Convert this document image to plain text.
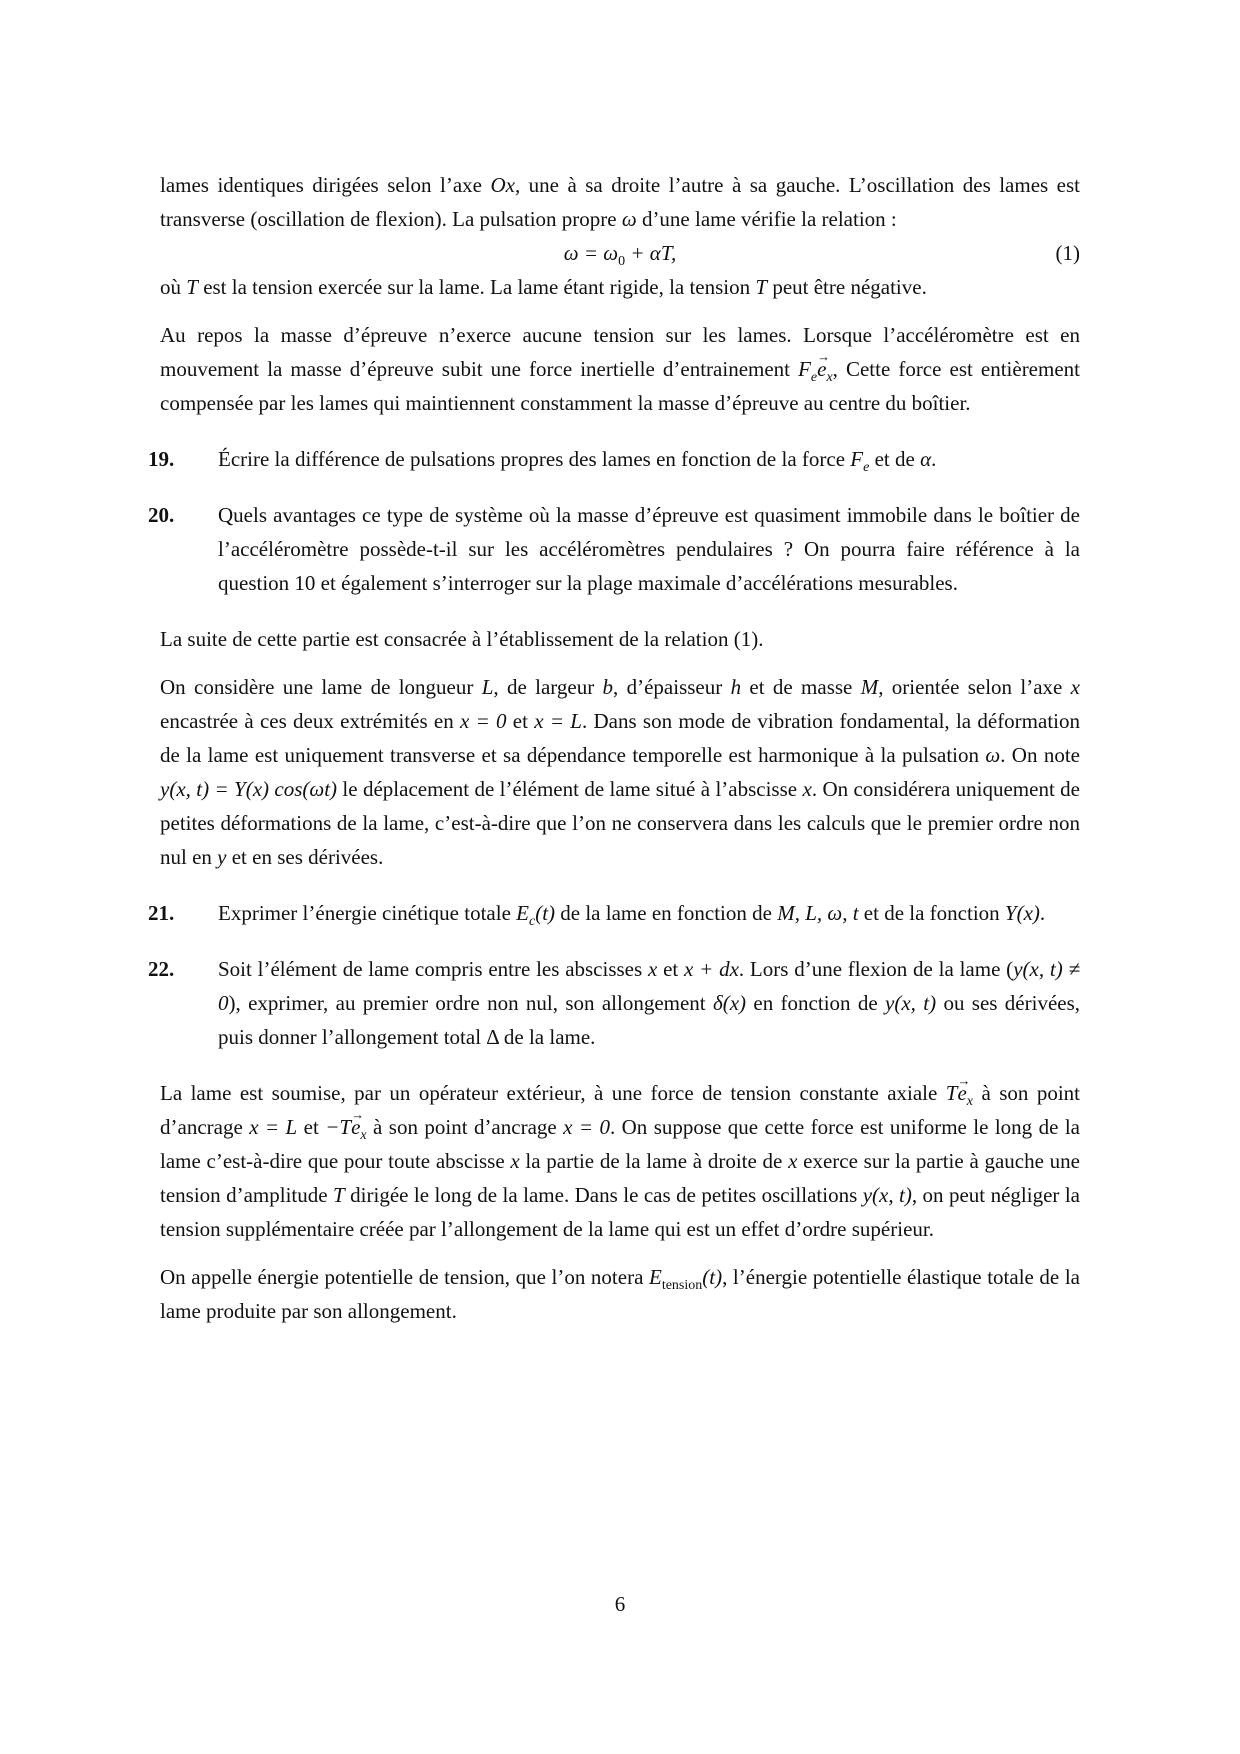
lames identiques dirigées selon l’axe Ox, une à sa droite l’autre à sa gauche. L’oscillation des lames est transverse (oscillation de flexion). La pulsation propre ω d’une lame vérifie la relation :

$\omega = \omega_0 + \alpha T$,	(1)

où T est la tension exercée sur la lame. La lame étant rigide, la tension T peut être négative.

Au repos la masse d’épreuve n’exerce aucune tension sur les lames. Lorsque l’accéléromètre est en mouvement la masse d’épreuve subit une force inertielle d’entrainement $F_e\to e_x$, Cette force est entièrement compensée par les lames qui maintiennent constamment la masse d’épreuve au centre du boîtier.

19.	Écrire la différence de pulsations propres des lames en fonction de la force $F_e$ et de α.
20.	Quels avantages ce type de système où la masse d’épreuve est quasiment immobile dans le boîtier de l’accéléromètre possède-t-il sur les accéléromètres pendulaires ? On pourra faire référence à la question 10 et également s’interroger sur la plage maximale d’accélérations mesurables.

La suite de cette partie est consacrée à l’établissement de la relation (1).

On considère une lame de longueur L, de largeur b, d’épaisseur h et de masse M, orientée selon l’axe x encastrée à ces deux extrémités en x = 0 et x = L. Dans son mode de vibration fondamental, la déformation de la lame est uniquement transverse et sa dépendance temporelle est harmonique à la pulsation ω. On note y(x, t) = Y(x) cos(ωt) le déplacement de l’élément de lame situé à l’abscisse x. On considérera uniquement de petites déformations de la lame, c’est-à-dire que l’on ne conservera dans les calculs que le premier ordre non nul en y et en ses dérivées.

21.	Exprimer l’énergie cinétique totale $E_c(t)$ de la lame en fonction de M, L, ω, t et de la fonction Y(x).
22.	Soit l’élément de lame compris entre les abscisses x et x + dx. Lors d’une flexion de la lame (y(x, t) ≠ 0), exprimer, au premier ordre non nul, son allongement δ(x) en fonction de y(x, t) ou ses dérivées, puis donner l’allongement total Δ de la lame.

La lame est soumise, par un opérateur extérieur, à une force de tension constante axiale $T\to e_x$ à son point d’ancrage x = L et $-T\to e_x$ à son point d’ancrage x = 0. On suppose que cette force est uniforme le long de la lame c’est-à-dire que pour toute abscisse x la partie de la lame à droite de x exerce sur la partie à gauche une tension d’amplitude T dirigée le long de la lame. Dans le cas de petites oscillations y(x, t), on peut négliger la tension supplémentaire créée par l’allongement de la lame qui est un effet d’ordre supérieur.

On appelle énergie potentielle de tension, que l’on notera $E_{tension}(t)$, l’énergie potentielle élastique totale de la lame produite par son allongement.

6
